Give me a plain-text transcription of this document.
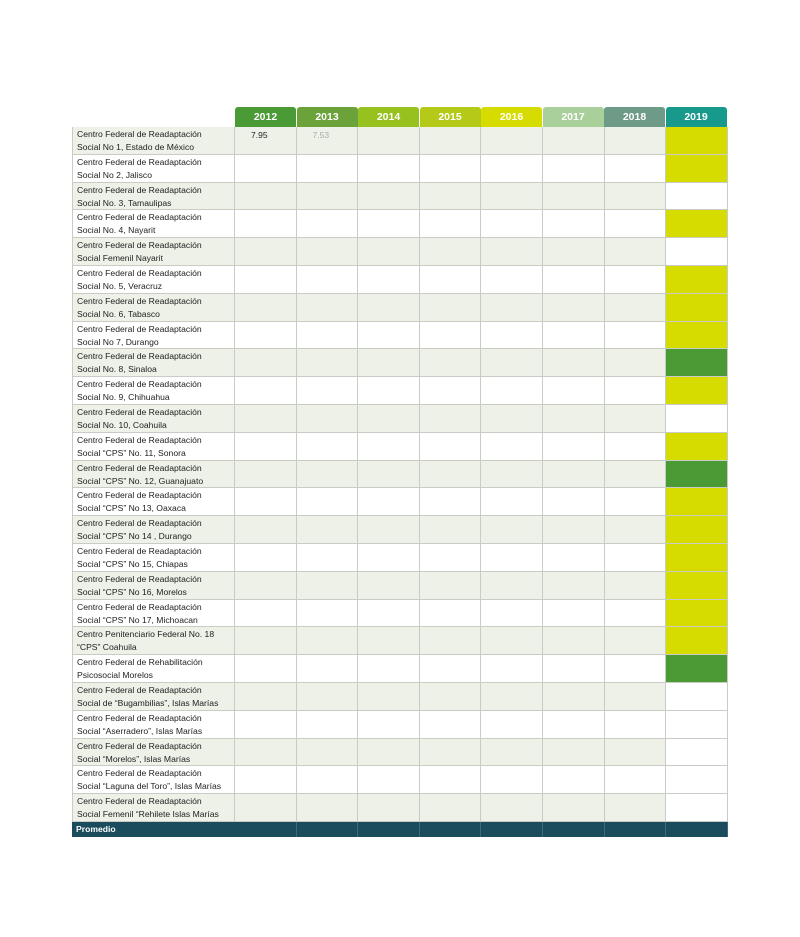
2012	2013	2014	2015	2016	2017	2018	2019
Centro Federal de Readaptación
Social No 1, Estado de México
7.95	7.53
Centro Federal de Readaptación
Social No 2, Jalisco
Centro Federal de Readaptación
Social No. 3, Tamaulipas
Centro Federal de Readaptación
Social No. 4, Nayarit
Centro Federal de Readaptación
Social Femenil Nayarit
Centro Federal de Readaptación
Social No. 5, Veracruz
Centro Federal de Readaptación
Social No. 6, Tabasco
Centro Federal de Readaptación
Social No 7, Durango
Centro Federal de Readaptación
Social No. 8, Sinaloa
Centro Federal de Readaptación
Social No. 9, Chihuahua
Centro Federal de Readaptación
Social No. 10, Coahuila
Centro Federal de Readaptación
Social “CPS” No. 11, Sonora
Centro Federal de Readaptación
Social “CPS” No. 12, Guanajuato
Centro Federal de Readaptación
Social “CPS” No 13, Oaxaca
Centro Federal de Readaptación
Social “CPS” No 14 , Durango
Centro Federal de Readaptación
Social “CPS” No 15, Chiapas
Centro Federal de Readaptación
Social “CPS” No 16, Morelos
Centro Federal de Readaptación
Social “CPS” No 17, Michoacan
Centro Penitenciario Federal No. 18
“CPS” Coahuila
Centro Federal de Rehabilitación
Psicosocial Morelos
Centro Federal de Readaptación
Social de “Bugambilias”, Islas Marías
Centro Federal de Readaptación
Social “Aserradero”, Islas Marías
Centro Federal de Readaptación
Social “Morelos”, Islas Marías
Centro Federal de Readaptación
Social “Laguna del Toro”, Islas Marías
Centro Federal de Readaptación
Social Femenil “Rehilete Islas Marías
Promedio
